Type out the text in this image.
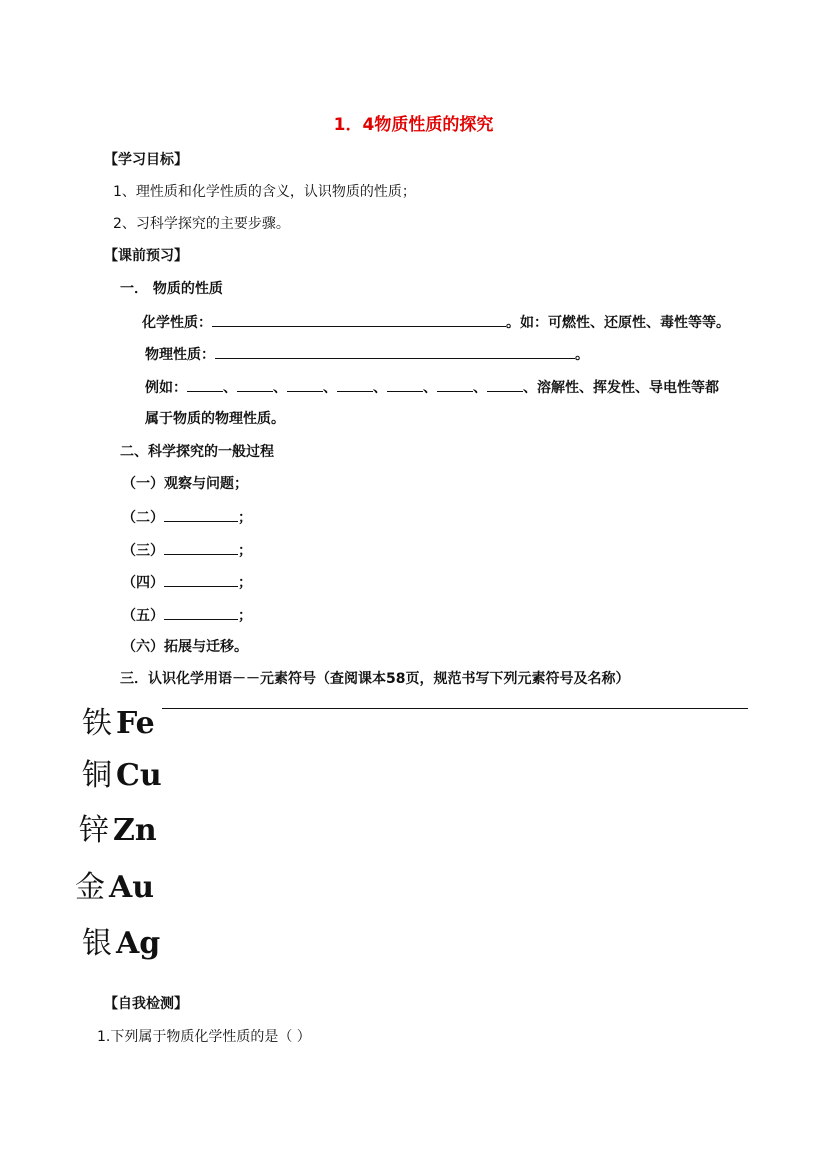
1．4物质性质的探究
【学习目标】
1、理性质和化学性质的含义，认识物质的性质；
2、习科学探究的主要步骤。
【课前预习】
一． 物质的性质
化学性质：	。如：可燃性、还原性、毒性等等。
物理性质：	。
例如：	、	、	、	、	、	、	、溶解性、挥发性、导电性等都
属于物质的物理性质。
二、科学探究的一般过程
（一）观察与问题；
（二）	；
（三）	；
（四）	；
（五）	；
（六）拓展与迁移。
三．认识化学用语－－元素符号（查阅课本58页，规范书写下列元素符号及名称）
铁 Fe
铜 Cu
锌 Zn
金 Au
银 Ag
【自我检测】
1.下列属于物质化学性质的是（ ）
